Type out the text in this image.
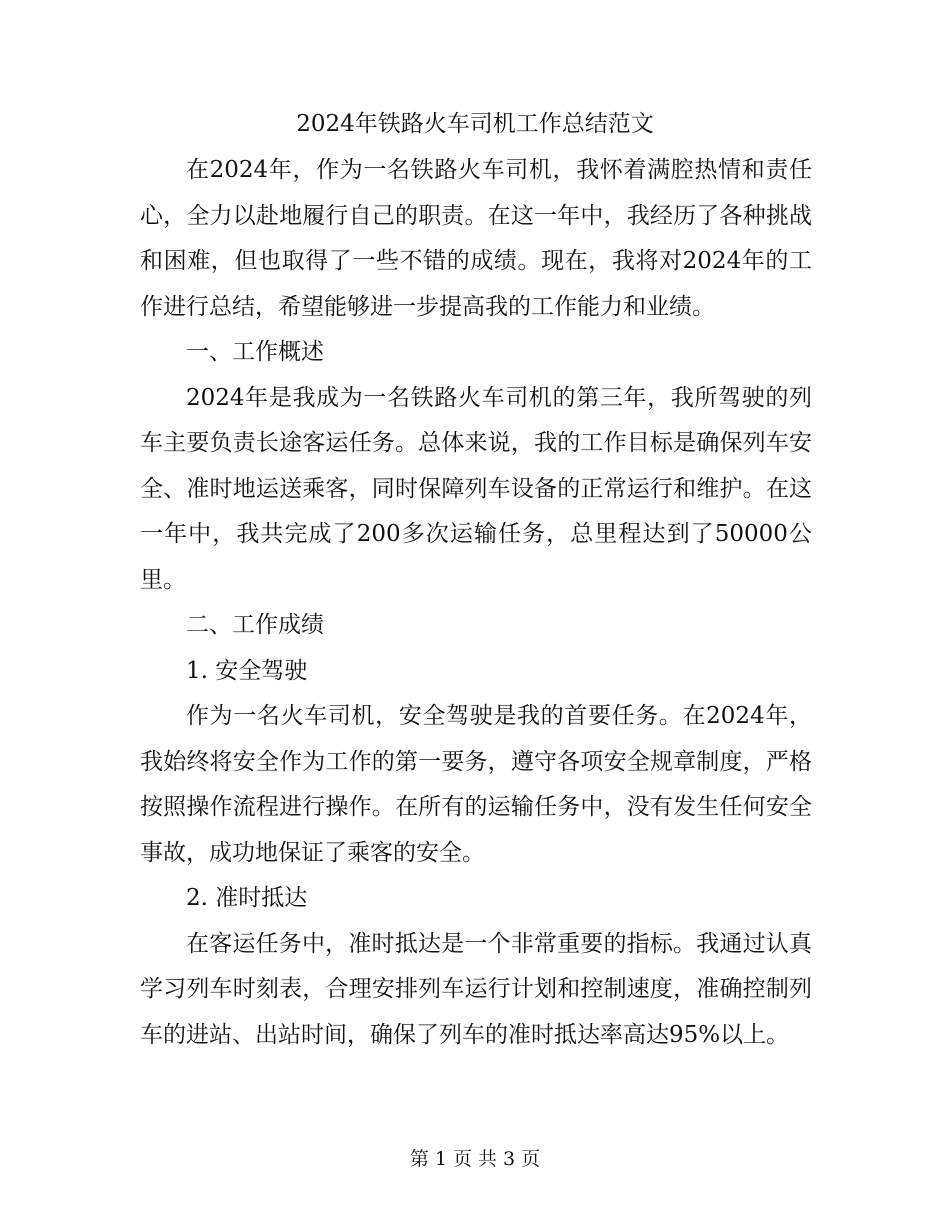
2024年铁路火车司机工作总结范文

在2024年，作为一名铁路火车司机，我怀着满腔热情和责任心，全力以赴地履行自己的职责。在这一年中，我经历了各种挑战和困难，但也取得了一些不错的成绩。现在，我将对2024年的工作进行总结，希望能够进一步提高我的工作能力和业绩。

一、工作概述

2024年是我成为一名铁路火车司机的第三年，我所驾驶的列车主要负责长途客运任务。总体来说，我的工作目标是确保列车安全、准时地运送乘客，同时保障列车设备的正常运行和维护。在这一年中，我共完成了200多次运输任务，总里程达到了50000公里。

二、工作成绩

1. 安全驾驶

作为一名火车司机，安全驾驶是我的首要任务。在2024年，我始终将安全作为工作的第一要务，遵守各项安全规章制度，严格按照操作流程进行操作。在所有的运输任务中，没有发生任何安全事故，成功地保证了乘客的安全。

2. 准时抵达

在客运任务中，准时抵达是一个非常重要的指标。我通过认真学习列车时刻表，合理安排列车运行计划和控制速度，准确控制列车的进站、出站时间，确保了列车的准时抵达率高达95%以上。

第 1 页 共 3 页
